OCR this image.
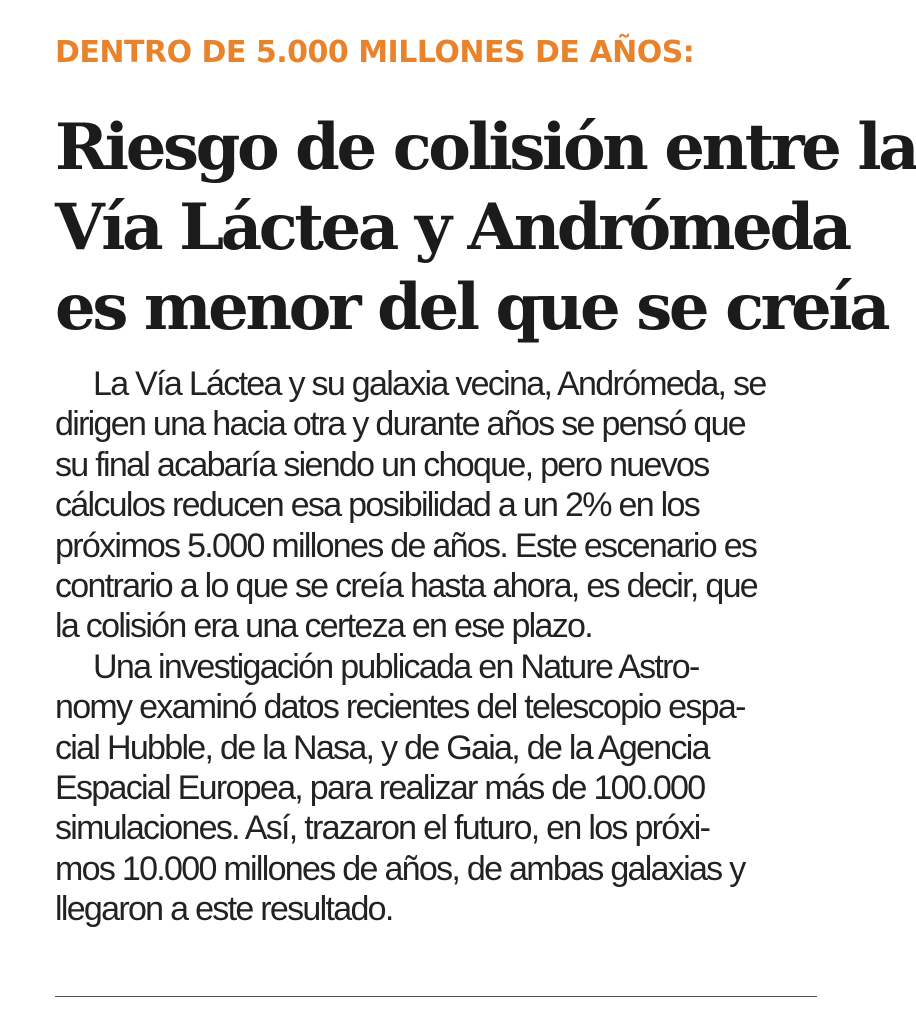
DENTRO DE 5.000 MILLONES DE AÑOS:
Riesgo de colisión entre la
Vía Láctea y Andrómeda
es menor del que se creía
La Vía Láctea y su galaxia vecina, Andrómeda, se
dirigen una hacia otra y durante años se pensó que
su final acabaría siendo un choque, pero nuevos
cálculos reducen esa posibilidad a un 2% en los
próximos 5.000 millones de años. Este escenario es
contrario a lo que se creía hasta ahora, es decir, que
la colisión era una certeza en ese plazo.
Una investigación publicada en Nature Astro-
nomy examinó datos recientes del telescopio espa-
cial Hubble, de la Nasa, y de Gaia, de la Agencia
Espacial Europea, para realizar más de 100.000
simulaciones. Así, trazaron el futuro, en los próxi-
mos 10.000 millones de años, de ambas galaxias y
llegaron a este resultado.
